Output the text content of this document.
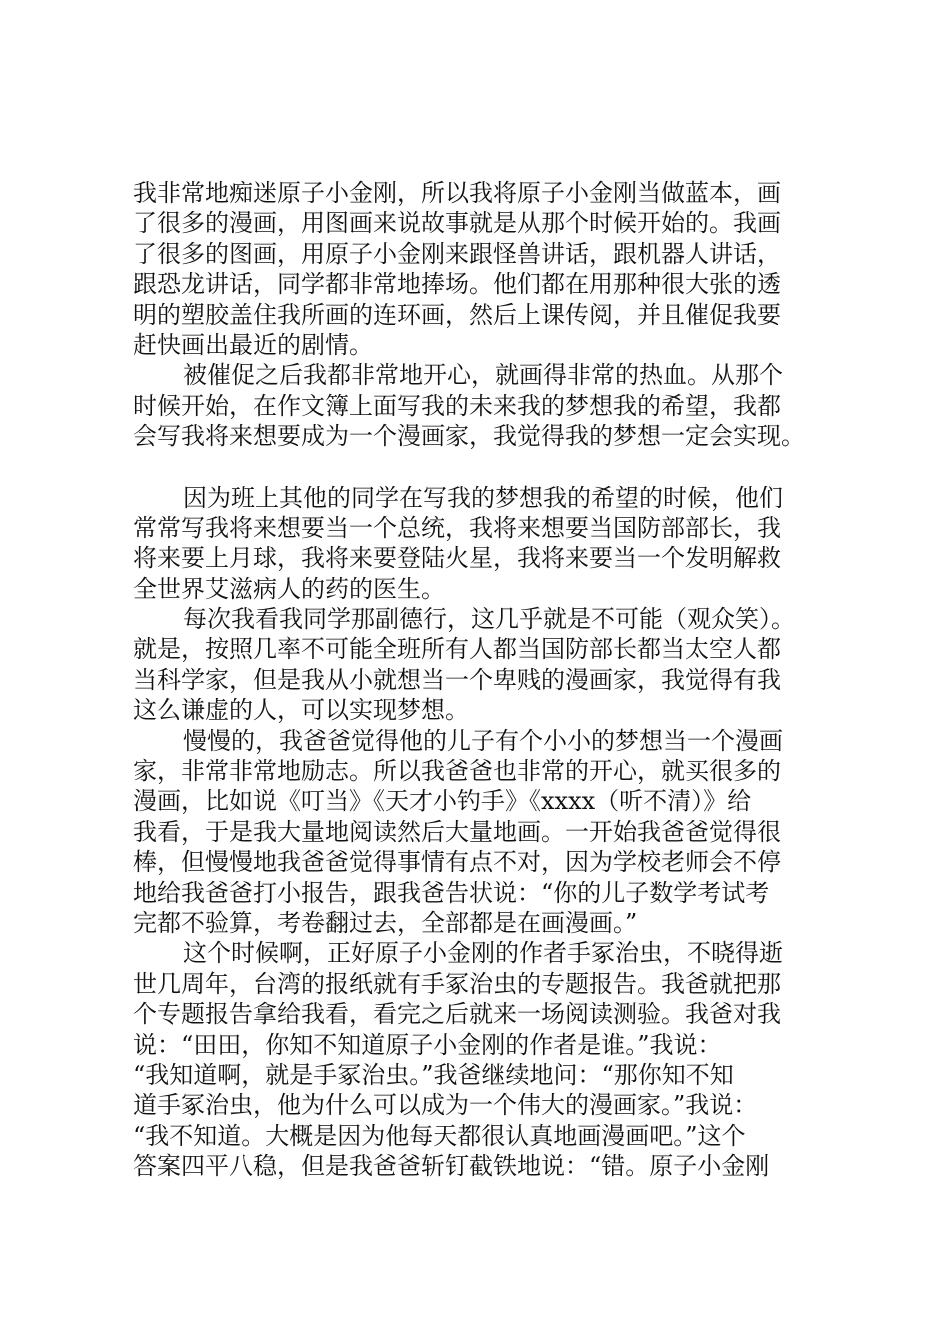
我非常地痴迷原子小金刚，所以我将原子小金刚当做蓝本，画
了很多的漫画，用图画来说故事就是从那个时候开始的。我画
了很多的图画，用原子小金刚来跟怪兽讲话，跟机器人讲话，
跟恐龙讲话，同学都非常地捧场。他们都在用那种很大张的透
明的塑胶盖住我所画的连环画，然后上课传阅，并且催促我要
赶快画出最近的剧情。
被催促之后我都非常地开心，就画得非常的热血。从那个
时候开始，在作文簿上面写我的未来我的梦想我的希望，我都
会写我将来想要成为一个漫画家，我觉得我的梦想一定会实现。
因为班上其他的同学在写我的梦想我的希望的时候，他们
常常写我将来想要当一个总统，我将来想要当国防部部长，我
将来要上月球，我将来要登陆火星，我将来要当一个发明解救
全世界艾滋病人的药的医生。
每次我看我同学那副德行，这几乎就是不可能（观众笑）。
就是，按照几率不可能全班所有人都当国防部长都当太空人都
当科学家，但是我从小就想当一个卑贱的漫画家，我觉得有我
这么谦虚的人，可以实现梦想。
慢慢的，我爸爸觉得他的儿子有个小小的梦想当一个漫画
家，非常非常地励志。所以我爸爸也非常的开心，就买很多的
漫画，比如说《叮当》《天才小钓手》《xxxx（听不清）》给
我看，于是我大量地阅读然后大量地画。一开始我爸爸觉得很
棒，但慢慢地我爸爸觉得事情有点不对，因为学校老师会不停
地给我爸爸打小报告，跟我爸告状说：“你的儿子数学考试考
完都不验算，考卷翻过去，全部都是在画漫画。”
这个时候啊，正好原子小金刚的作者手冢治虫，不晓得逝
世几周年，台湾的报纸就有手冢治虫的专题报告。我爸就把那
个专题报告拿给我看，看完之后就来一场阅读测验。我爸对我
说：“田田，你知不知道原子小金刚的作者是谁。”我说：
“我知道啊，就是手冢治虫。”我爸继续地问：“那你知不知
道手冢治虫，他为什么可以成为一个伟大的漫画家。”我说：
“我不知道。大概是因为他每天都很认真地画漫画吧。”这个
答案四平八稳，但是我爸爸斩钉截铁地说：“错。原子小金刚
